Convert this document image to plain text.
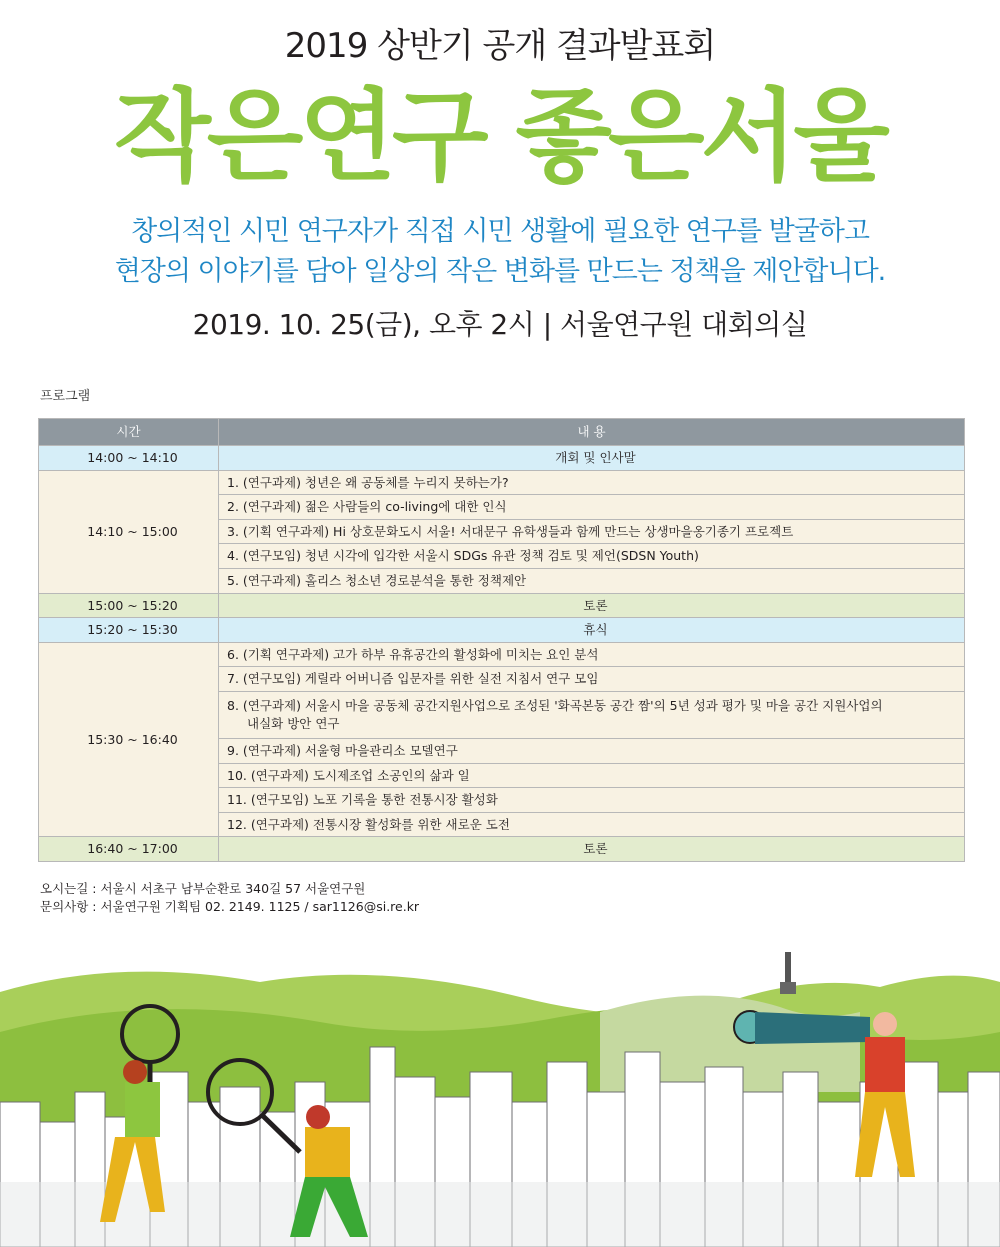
2019 상반기 공개 결과발표회
작은연구 좋은서울
창의적인 시민 연구자가 직접 시민 생활에 필요한 연구를 발굴하고
현장의 이야기를 담아 일상의 작은 변화를 만드는 정책을 제안합니다.
2019. 10. 25(금), 오후 2시 | 서울연구원 대회의실
프로그램
시간	내 용
14:00 ~ 14:10	개회 및 인사말
14:10 ~ 15:00	1. (연구과제) 청년은 왜 공동체를 누리지 못하는가?
	2. (연구과제) 젊은 사람들의 co-living에 대한 인식
	3. (기획 연구과제) Hi 상호문화도시 서울! 서대문구 유학생들과 함께 만드는 상생마을옹기종기 프로젝트
	4. (연구모임) 청년 시각에 입각한 서울시 SDGs 유관 정책 검토 및 제언(SDSN Youth)
	5. (연구과제) 홀리스 청소년 경로분석을 통한 정책제안
15:00 ~ 15:20	토론
15:20 ~ 15:30	휴식
15:30 ~ 16:40	6. (기획 연구과제) 고가 하부 유휴공간의 활성화에 미치는 요인 분석
	7. (연구모임) 게릴라 어버니즘 입문자를 위한 실전 지침서 연구 모임

	8. (연구과제) 서울시 마을 공동체 공간지원사업으로 조성된 '화곡본동 공간 짬'의 5년 성과 평가 및 마을 공간 지원사업의
내실화 방안 연구

	9. (연구과제) 서울형 마을관리소 모델연구
	10. (연구과제) 도시제조업 소공인의 삶과 일
	11. (연구모임) 노포 기록을 통한 전통시장 활성화
	12. (연구과제) 전통시장 활성화를 위한 새로운 도전
16:40 ~ 17:00	토론
오시는길 : 서울시 서초구 남부순환로 340길 57 서울연구원
문의사항 : 서울연구원 기획팀 02. 2149. 1125 / sar1126@si.re.kr
